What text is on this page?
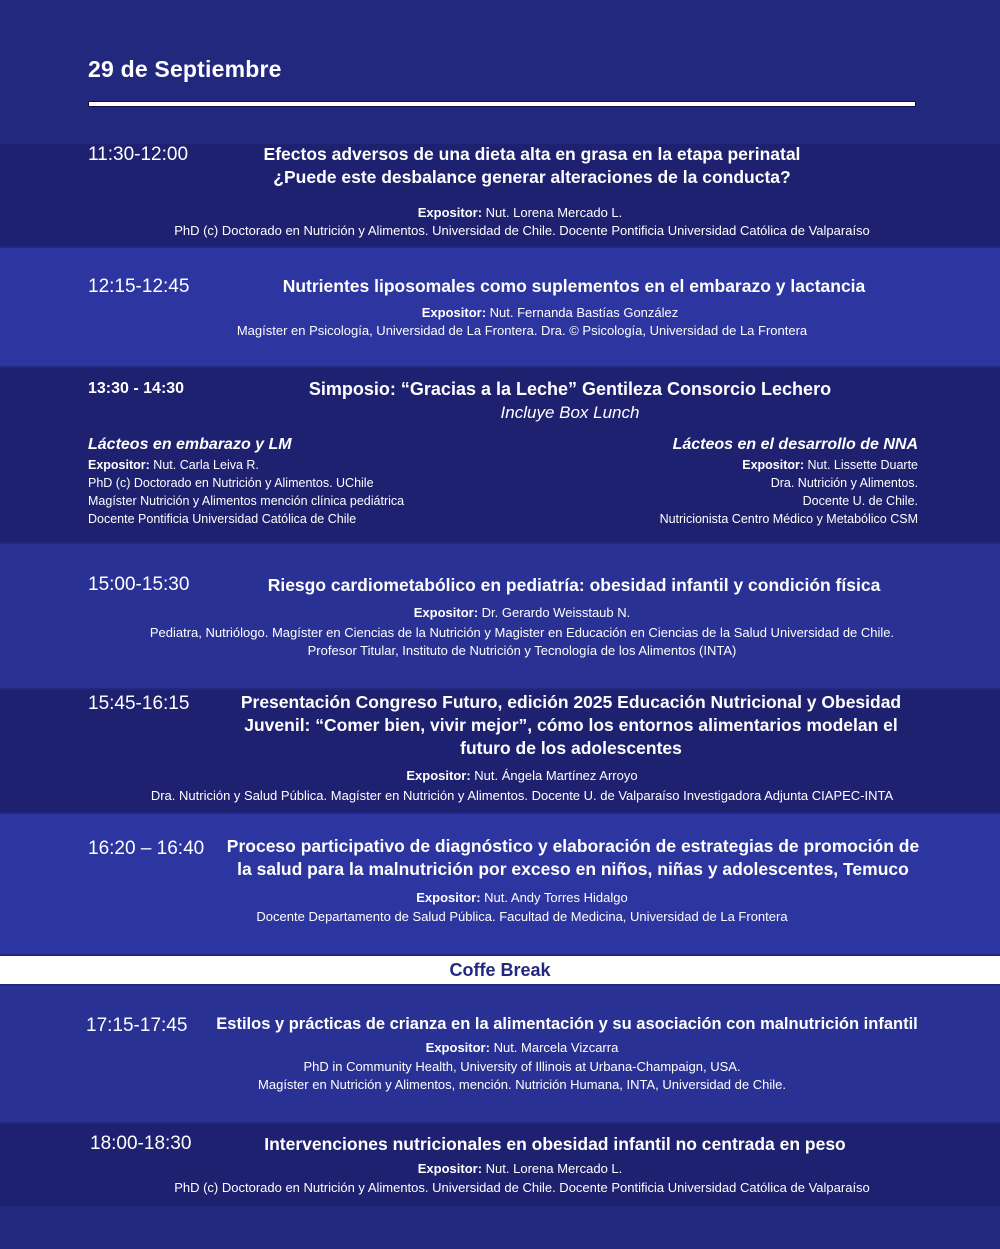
29 de Septiembre
11:30-12:00	Efectos adversos de una dieta alta en grasa en la etapa perinatal
¿Puede este desbalance generar alteraciones de la conducta?
Expositor: Nut. Lorena Mercado L.
PhD (c) Doctorado en Nutrición y Alimentos. Universidad de Chile. Docente Pontificia Universidad Católica de Valparaíso
12:15-12:45	Nutrientes liposomales como suplementos en el embarazo y lactancia
Expositor: Nut. Fernanda Bastías González
Magíster en Psicología, Universidad de La Frontera. Dra. © Psicología, Universidad de La Frontera
13:30 - 14:30	Simposio: “Gracias a la Leche” Gentileza Consorcio Lechero
Incluye Box Lunch
Lácteos en embarazo y LM
Expositor: Nut. Carla Leiva R.
PhD (c) Doctorado en Nutrición y Alimentos. UChile
Magíster Nutrición y Alimentos mención clínica pediátrica
Docente Pontificia Universidad Católica de Chile
Lácteos en el desarrollo de NNA
Expositor: Nut. Lissette Duarte
Dra. Nutrición y Alimentos.
Docente U. de Chile.
Nutricionista Centro Médico y Metabólico CSM
15:00-15:30	Riesgo cardiometabólico en pediatría: obesidad infantil y condición física
Expositor: Dr. Gerardo Weisstaub N.
Pediatra, Nutriólogo. Magíster en Ciencias de la Nutrición y Magister en Educación en Ciencias de la Salud Universidad de Chile.
Profesor Titular, Instituto de Nutrición y Tecnología de los Alimentos (INTA)
15:45-16:15	Presentación Congreso Futuro, edición 2025 Educación Nutricional y Obesidad
Juvenil: “Comer bien, vivir mejor”, cómo los entornos alimentarios modelan el
futuro de los adolescentes
Expositor: Nut. Ángela Martínez Arroyo
Dra. Nutrición y Salud Pública. Magíster en Nutrición y Alimentos. Docente U. de Valparaíso Investigadora Adjunta CIAPEC-INTA
16:20 – 16:40	Proceso participativo de diagnóstico y elaboración de estrategias de promoción de
la salud para la malnutrición por exceso en niños, niñas y adolescentes, Temuco
Expositor: Nut. Andy Torres Hidalgo
Docente Departamento de Salud Pública. Facultad de Medicina, Universidad de La Frontera
Coffe Break
17:15-17:45	Estilos y prácticas de crianza en la alimentación y su asociación con malnutrición infantil
Expositor: Nut. Marcela Vizcarra
PhD in Community Health, University of Illinois at Urbana-Champaign, USA.
Magíster en Nutrición y Alimentos, mención. Nutrición Humana, INTA, Universidad de Chile.
18:00-18:30	Intervenciones nutricionales en obesidad infantil no centrada en peso
Expositor: Nut. Lorena Mercado L.
PhD (c) Doctorado en Nutrición y Alimentos. Universidad de Chile. Docente Pontificia Universidad Católica de Valparaíso
